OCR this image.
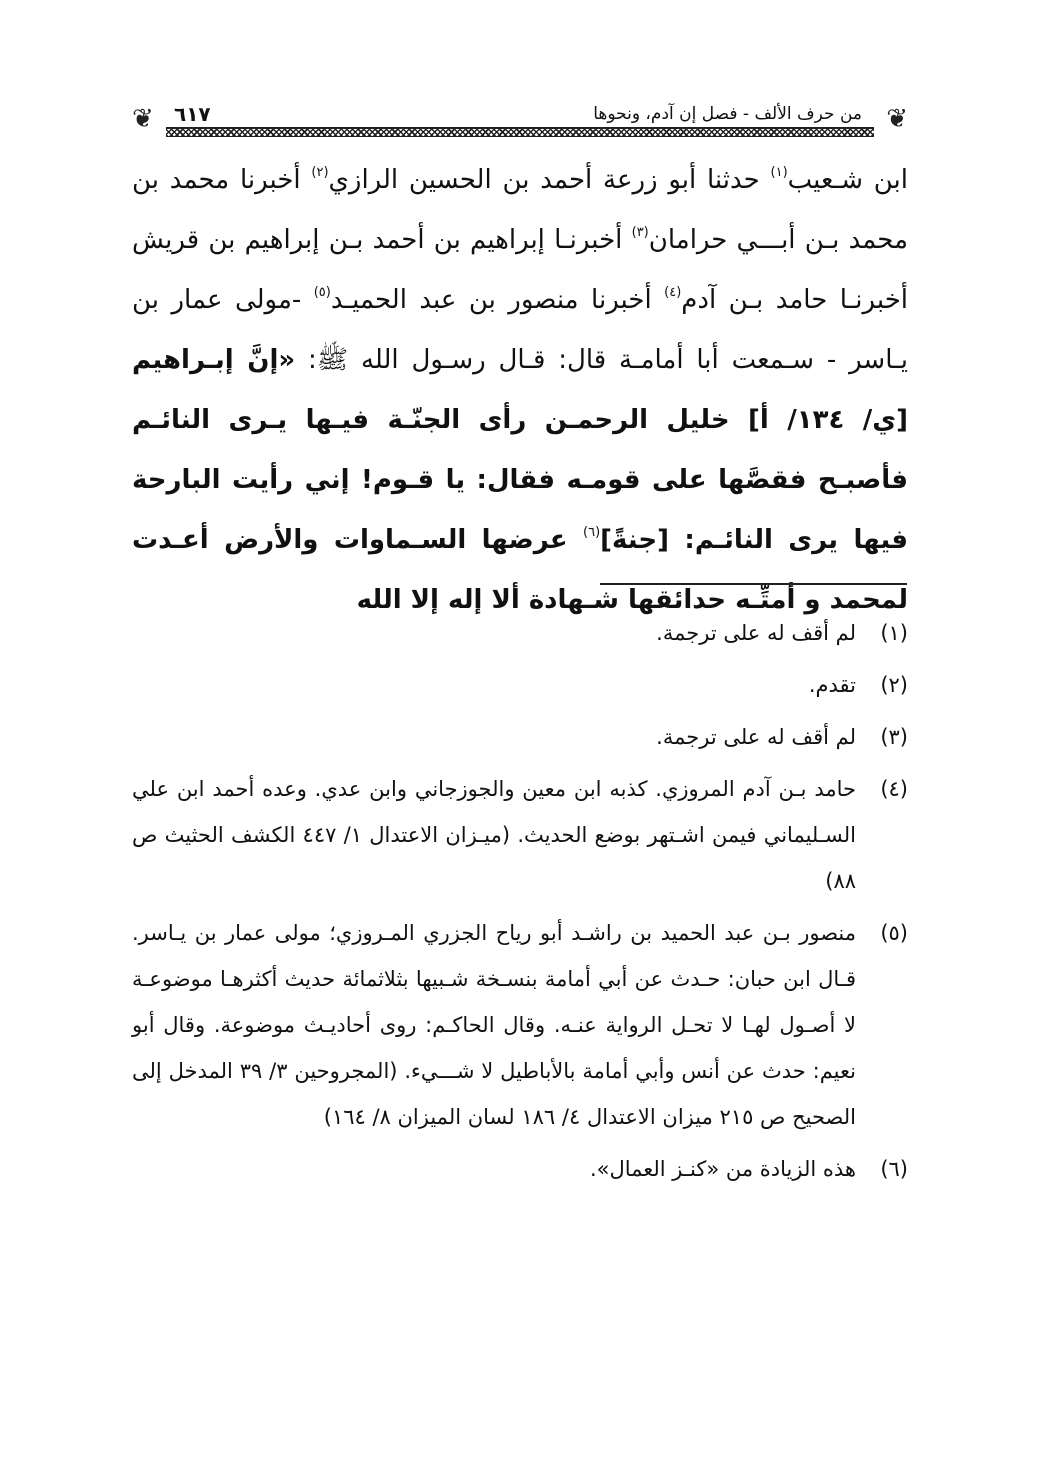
❦
❦	من حرف الألف - فصل إن آدم، ونحوها
٦١٧
ابن شـعيب$^{(١)}$ حدثنا أبو زرعة أحمد بن الحسين الرازي$^{(٢)}$ أخبرنا محمد بن محمد بـن أبـــي حرامان$^{(٣)}$ أخبرنـا إبراهيم بن أحمد بـن إبراهيم بن قريش أخبرنـا حامد بـن آدم$^{(٤)}$ أخبرنا منصور بن عبد الحميـد$^{(٥)}$ -مولى عمار بن يـاسر - سـمعت أبا أمامـة قال: قـال رسـول الله ﷺ: «إنَّ إبـراهيم [ي/ ١٣٤/ أ] خليل الرحمـن رأى الجنّـة فيـها يـرى النائـم فأصبـح فقصَّها على قومـه فقال: يا قـوم! إني رأيت البارحة فيها يرى النائـم: [جنةً]$^{(٦)}$ عرضها السـماوات والأرض أعـدت لمحمد و أمتِّـه حدائقها شـهادة ألا إله إلا الله
(١)
لم أقف له على ترجمة.
(٢)
تقدم.
(٣)
لم أقف له على ترجمة.
(٤)
حامد بـن آدم المروزي. كذبه ابن معين والجوزجاني وابن عدي. وعده أحمد ابن علي السـليماني فيمن اشـتهر بوضع الحديث. (ميـزان الاعتدال ١/ ٤٤٧ الكشف الحثيث ص ٨٨)
(٥)
منصور بـن عبد الحميد بن راشـد أبو رياح الجزري المـروزي؛ مولى عمار بن يـاسر. قـال ابن حبان: حـدث عن أبي أمامة بنسـخة شـبيها بثلاثمائة حديث أكثرهـا موضوعـة لا أصـول لهـا لا تحـل الرواية عنـه. وقال الحاكـم: روى أحاديـث موضوعة. وقال أبو نعيم: حدث عن أنس وأبي أمامة بالأباطيل لا شـــيء. (المجروحين ٣/ ٣٩ المدخل إلى الصحيح ص ٢١٥ ميزان الاعتدال ٤/ ١٨٦ لسان الميزان ٨/ ١٦٤)
(٦)
هذه الزيادة من «كنـز العمال».
